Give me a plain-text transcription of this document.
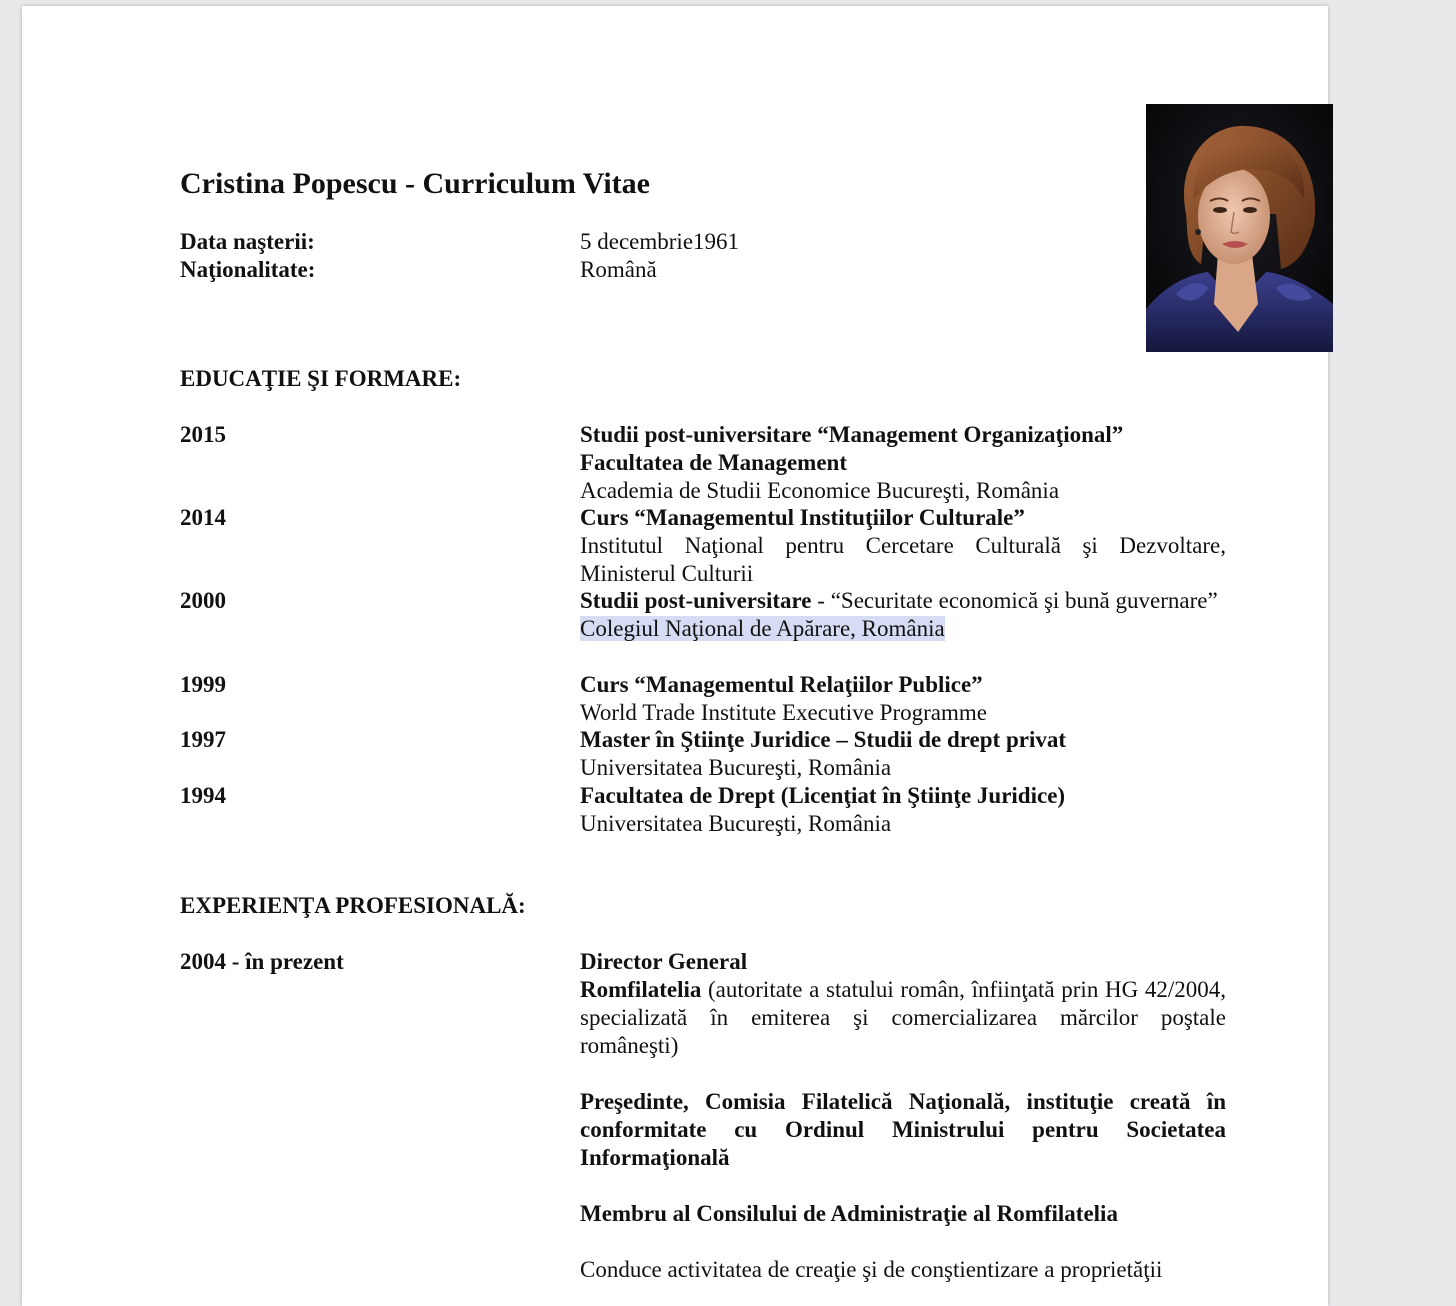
Cristina Popescu - Curriculum Vitae
Data naşterii:	5 decembrie1961
Naţionalitate:	Română
EDUCAŢIE ŞI FORMARE:
2015	Studii post-universitare “Management Organizaţional”
Facultatea de Management
Academia de Studii Economice Bucureşti, România
2014	Curs “Managementul Instituţiilor Culturale”
Institutul Naţional pentru Cercetare Culturală şi Dezvoltare, Ministerul Culturii
2000	Studii post-universitare - “Securitate economică şi bună guvernare”
Colegiul Naţional de Apărare, România
1999	Curs “Managementul Relaţiilor Publice”
World Trade Institute Executive Programme
1997	Master în Ştiinţe Juridice – Studii de drept privat
Universitatea Bucureşti, România
1994	Facultatea de Drept (Licenţiat în Ştiinţe Juridice)
Universitatea Bucureşti, România
EXPERIENŢA PROFESIONALĂ:
2004 - în prezent	Director General
Romfilatelia (autoritate a statului român, înfiinţată prin HG 42/2004, specializată în emiterea şi comercializarea mărcilor poştale româneşti)
Preşedinte, Comisia Filatelică Naţională, instituţie creată în conformitate cu Ordinul Ministrului pentru Societatea Informaţională
Membru al Consilului de Administraţie al Romfilatelia
Conduce activitatea de creaţie şi de conştientizare a proprietăţii
